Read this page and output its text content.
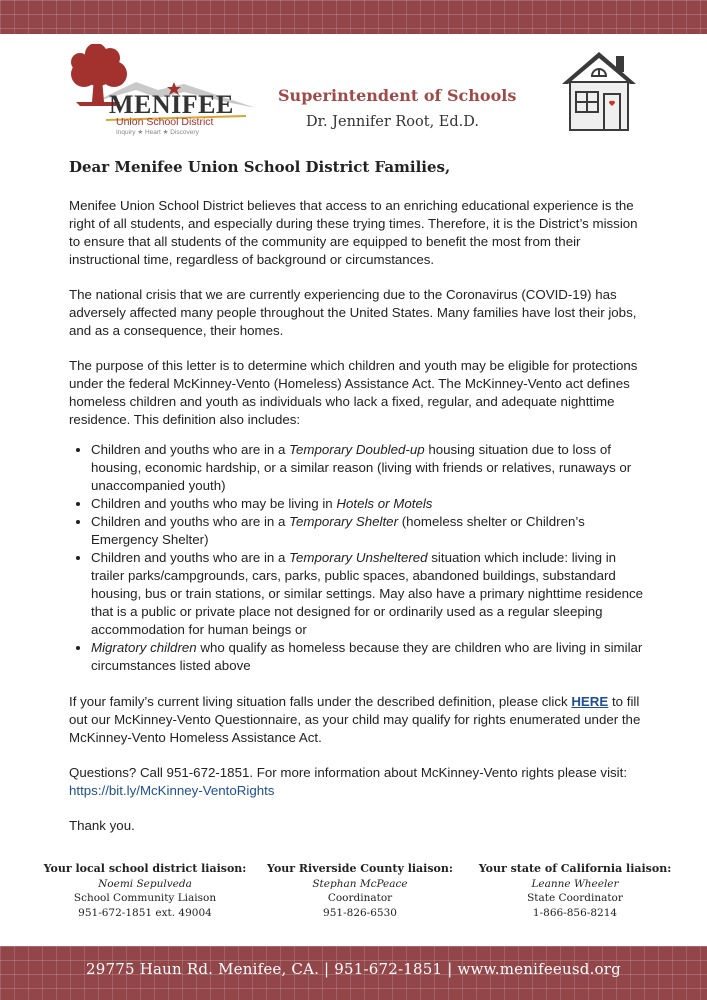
MENIFEE
Union School District
Inquiry ★ Heart ★ Discovery
Superintendent of Schools
Dr. Jennifer Root, Ed.D.
Dear Menifee Union School District Families,

Menifee Union School District believes that access to an enriching educational experience is the right of all students, and especially during these trying times. Therefore, it is the District’s mission to ensure that all students of the community are equipped to benefit the most from their instructional time, regardless of background or circumstances.

The national crisis that we are currently experiencing due to the Coronavirus (COVID-19) has adversely affected many people throughout the United States. Many families have lost their jobs, and as a consequence, their homes.

The purpose of this letter is to determine which children and youth may be eligible for protections under the federal McKinney-Vento (Homeless) Assistance Act. The McKinney-Vento act defines homeless children and youth as individuals who lack a fixed, regular, and adequate nighttime residence. This definition also includes:

• Children and youths who are in a Temporary Doubled-up housing situation due to loss of housing, economic hardship, or a similar reason (living with friends or relatives, runaways or unaccompanied youth)
• Children and youths who may be living in Hotels or Motels
• Children and youths who are in a Temporary Shelter (homeless shelter or Children’s Emergency Shelter)
• Children and youths who are in a Temporary Unsheltered situation which include: living in trailer parks/campgrounds, cars, parks, public spaces, abandoned buildings, substandard housing, bus or train stations, or similar settings. May also have a primary nighttime residence that is a public or private place not designed for or ordinarily used as a regular sleeping accommodation for human beings or
• Migratory children who qualify as homeless because they are children who are living in similar circumstances listed above

If your family’s current living situation falls under the described definition, please click HERE to fill out our McKinney-Vento Questionnaire, as your child may qualify for rights enumerated under the McKinney-Vento Homeless Assistance Act.

Questions? Call 951-672-1851. For more information about McKinney-Vento rights please visit:
https://bit.ly/McKinney-VentoRights

Thank you.

Your local school district liaison:
Noemi Sepulveda
School Community Liaison
951-672-1851 ext. 49004
Your Riverside County liaison:
Stephan McPeace
Coordinator
951-826-6530
Your state of California liaison:
Leanne Wheeler
State Coordinator
1-866-856-8214
29775 Haun Rd. Menifee, CA. | 951-672-1851 | www.menifeeusd.org
